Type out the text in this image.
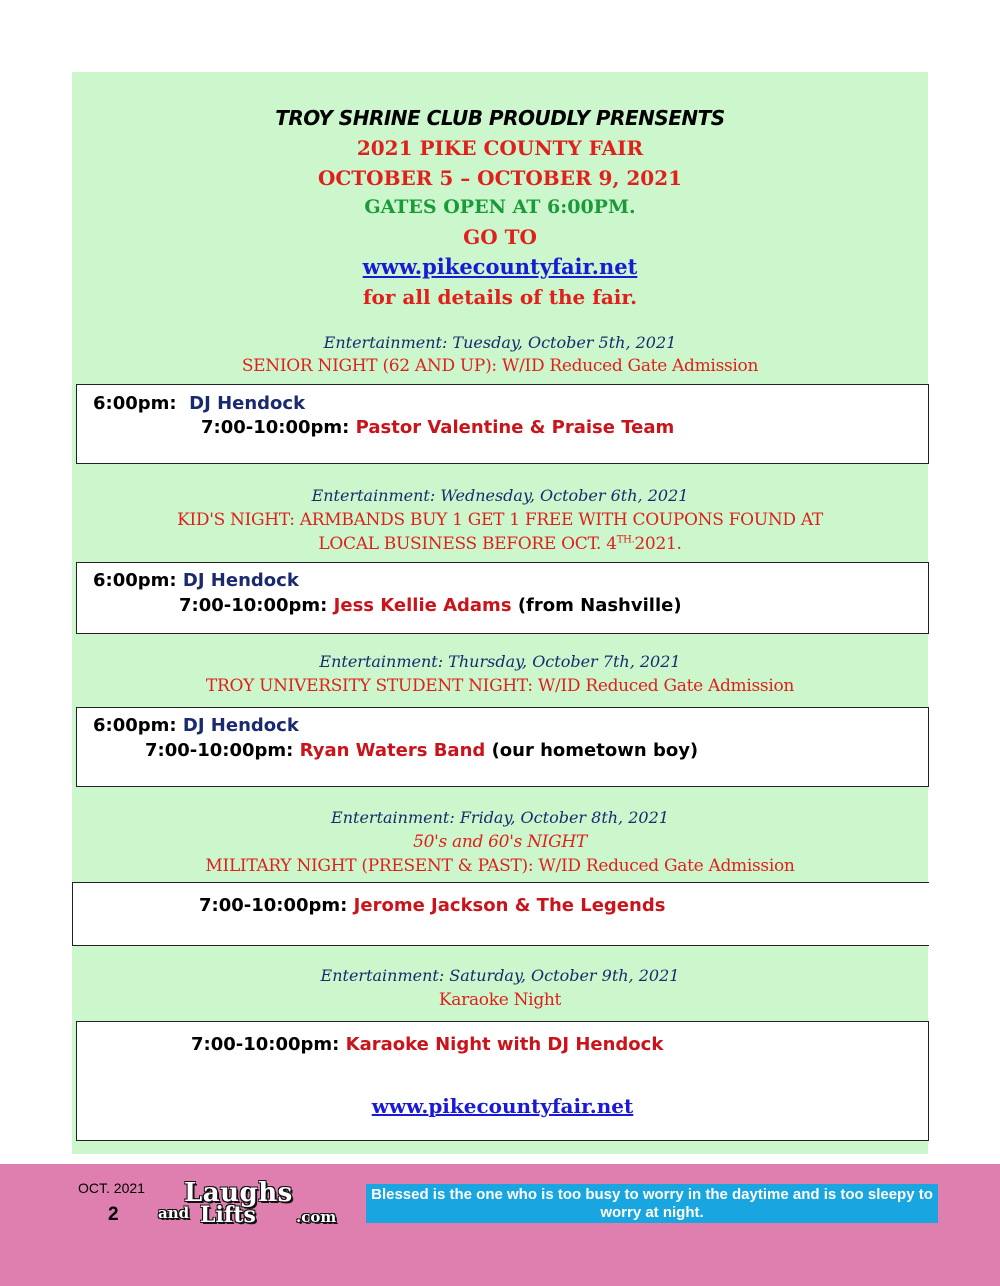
TROY SHRINE CLUB PROUDLY PRENSENTS
2021 PIKE COUNTY FAIR
OCTOBER 5 – OCTOBER 9, 2021
GATES OPEN AT 6:00PM.
GO TO
www.pikecountyfair.net
for all details of the fair.
Entertainment: Tuesday, October 5th, 2021
SENIOR NIGHT (62 AND UP): W/ID Reduced Gate Admission
6:00pm: DJ Hendock
7:00-10:00pm: Pastor Valentine & Praise Team
Entertainment: Wednesday, October 6th, 2021
KID'S NIGHT: ARMBANDS BUY 1 GET 1 FREE WITH COUPONS FOUND AT
LOCAL BUSINESS BEFORE OCT. $4^{TH.}2021$.
6:00pm: DJ Hendock
7:00-10:00pm: Jess Kellie Adams (from Nashville)
Entertainment: Thursday, October 7th, 2021
TROY UNIVERSITY STUDENT NIGHT: W/ID Reduced Gate Admission
6:00pm: DJ Hendock
7:00-10:00pm: Ryan Waters Band (our hometown boy)
Entertainment: Friday, October 8th, 2021
50's and 60's NIGHT
MILITARY NIGHT (PRESENT & PAST): W/ID Reduced Gate Admission
7:00-10:00pm: Jerome Jackson & The Legends
Entertainment: Saturday, October 9th, 2021
Karaoke Night
7:00-10:00pm: Karaoke Night with DJ Hendock
www.pikecountyfair.net
OCT. 2021
2
Laughs
and Lifts	.com
Blessed is the one who is too busy to worry in the daytime and is too sleepy to worry at night.
